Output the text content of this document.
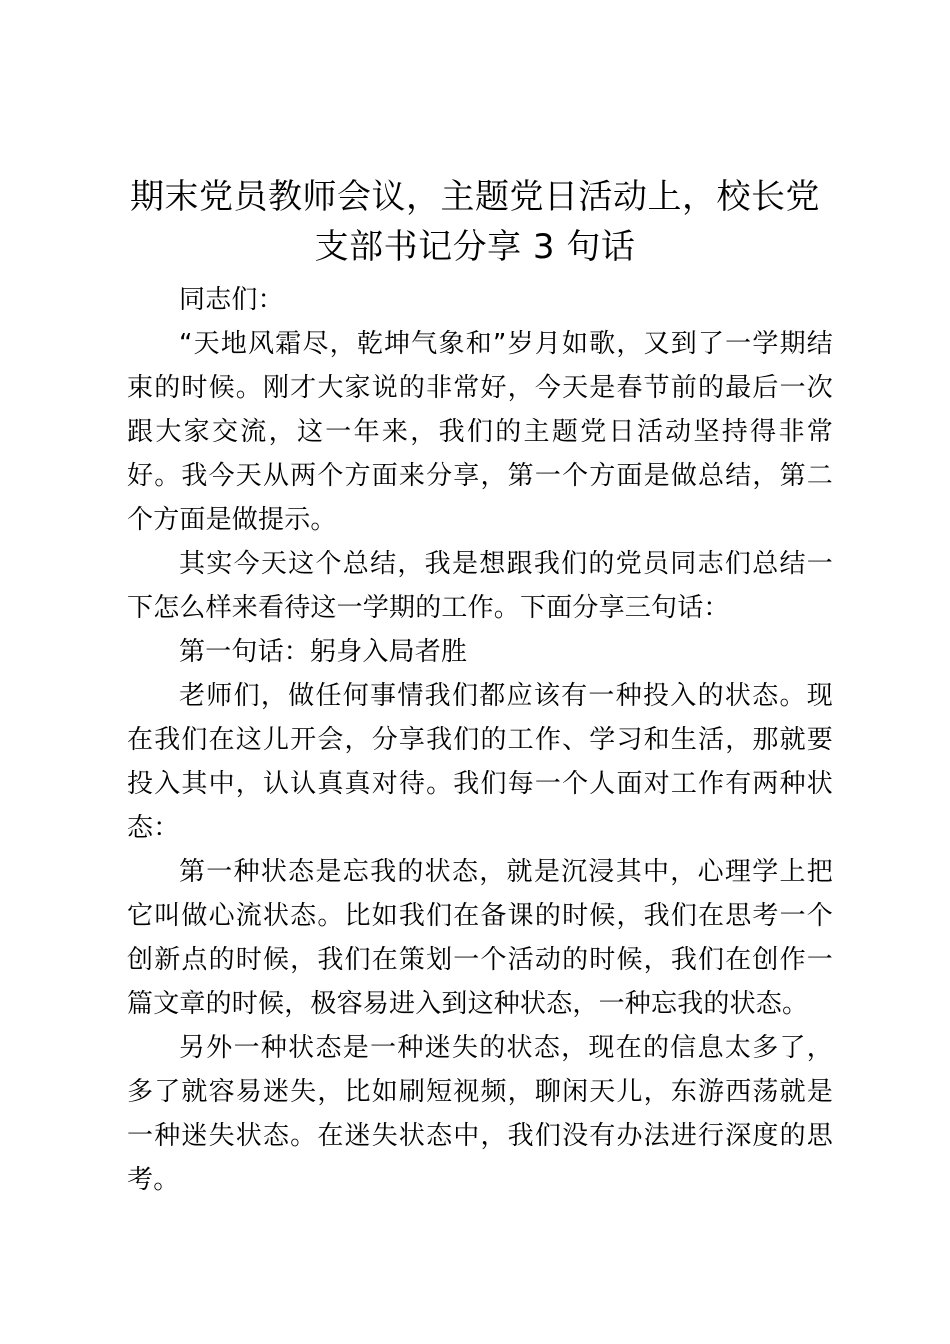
期末党员教师会议，主题党日活动上，校长党
支部书记分享 3 句话

同志们：

“天地风霜尽，乾坤气象和”岁月如歌，又到了一学期结束的时候。刚才大家说的非常好，今天是春节前的最后一次跟大家交流，这一年来，我们的主题党日活动坚持得非常好。我今天从两个方面来分享，第一个方面是做总结，第二个方面是做提示。

其实今天这个总结，我是想跟我们的党员同志们总结一下怎么样来看待这一学期的工作。下面分享三句话：

第一句话：躬身入局者胜

老师们，做任何事情我们都应该有一种投入的状态。现在我们在这儿开会，分享我们的工作、学习和生活，那就要投入其中，认认真真对待。我们每一个人面对工作有两种状态：

第一种状态是忘我的状态，就是沉浸其中，心理学上把它叫做心流状态。比如我们在备课的时候，我们在思考一个创新点的时候，我们在策划一个活动的时候，我们在创作一篇文章的时候，极容易进入到这种状态，一种忘我的状态。

另外一种状态是一种迷失的状态，现在的信息太多了，多了就容易迷失，比如刷短视频，聊闲天儿，东游西荡就是一种迷失状态。在迷失状态中，我们没有办法进行深度的思考。
